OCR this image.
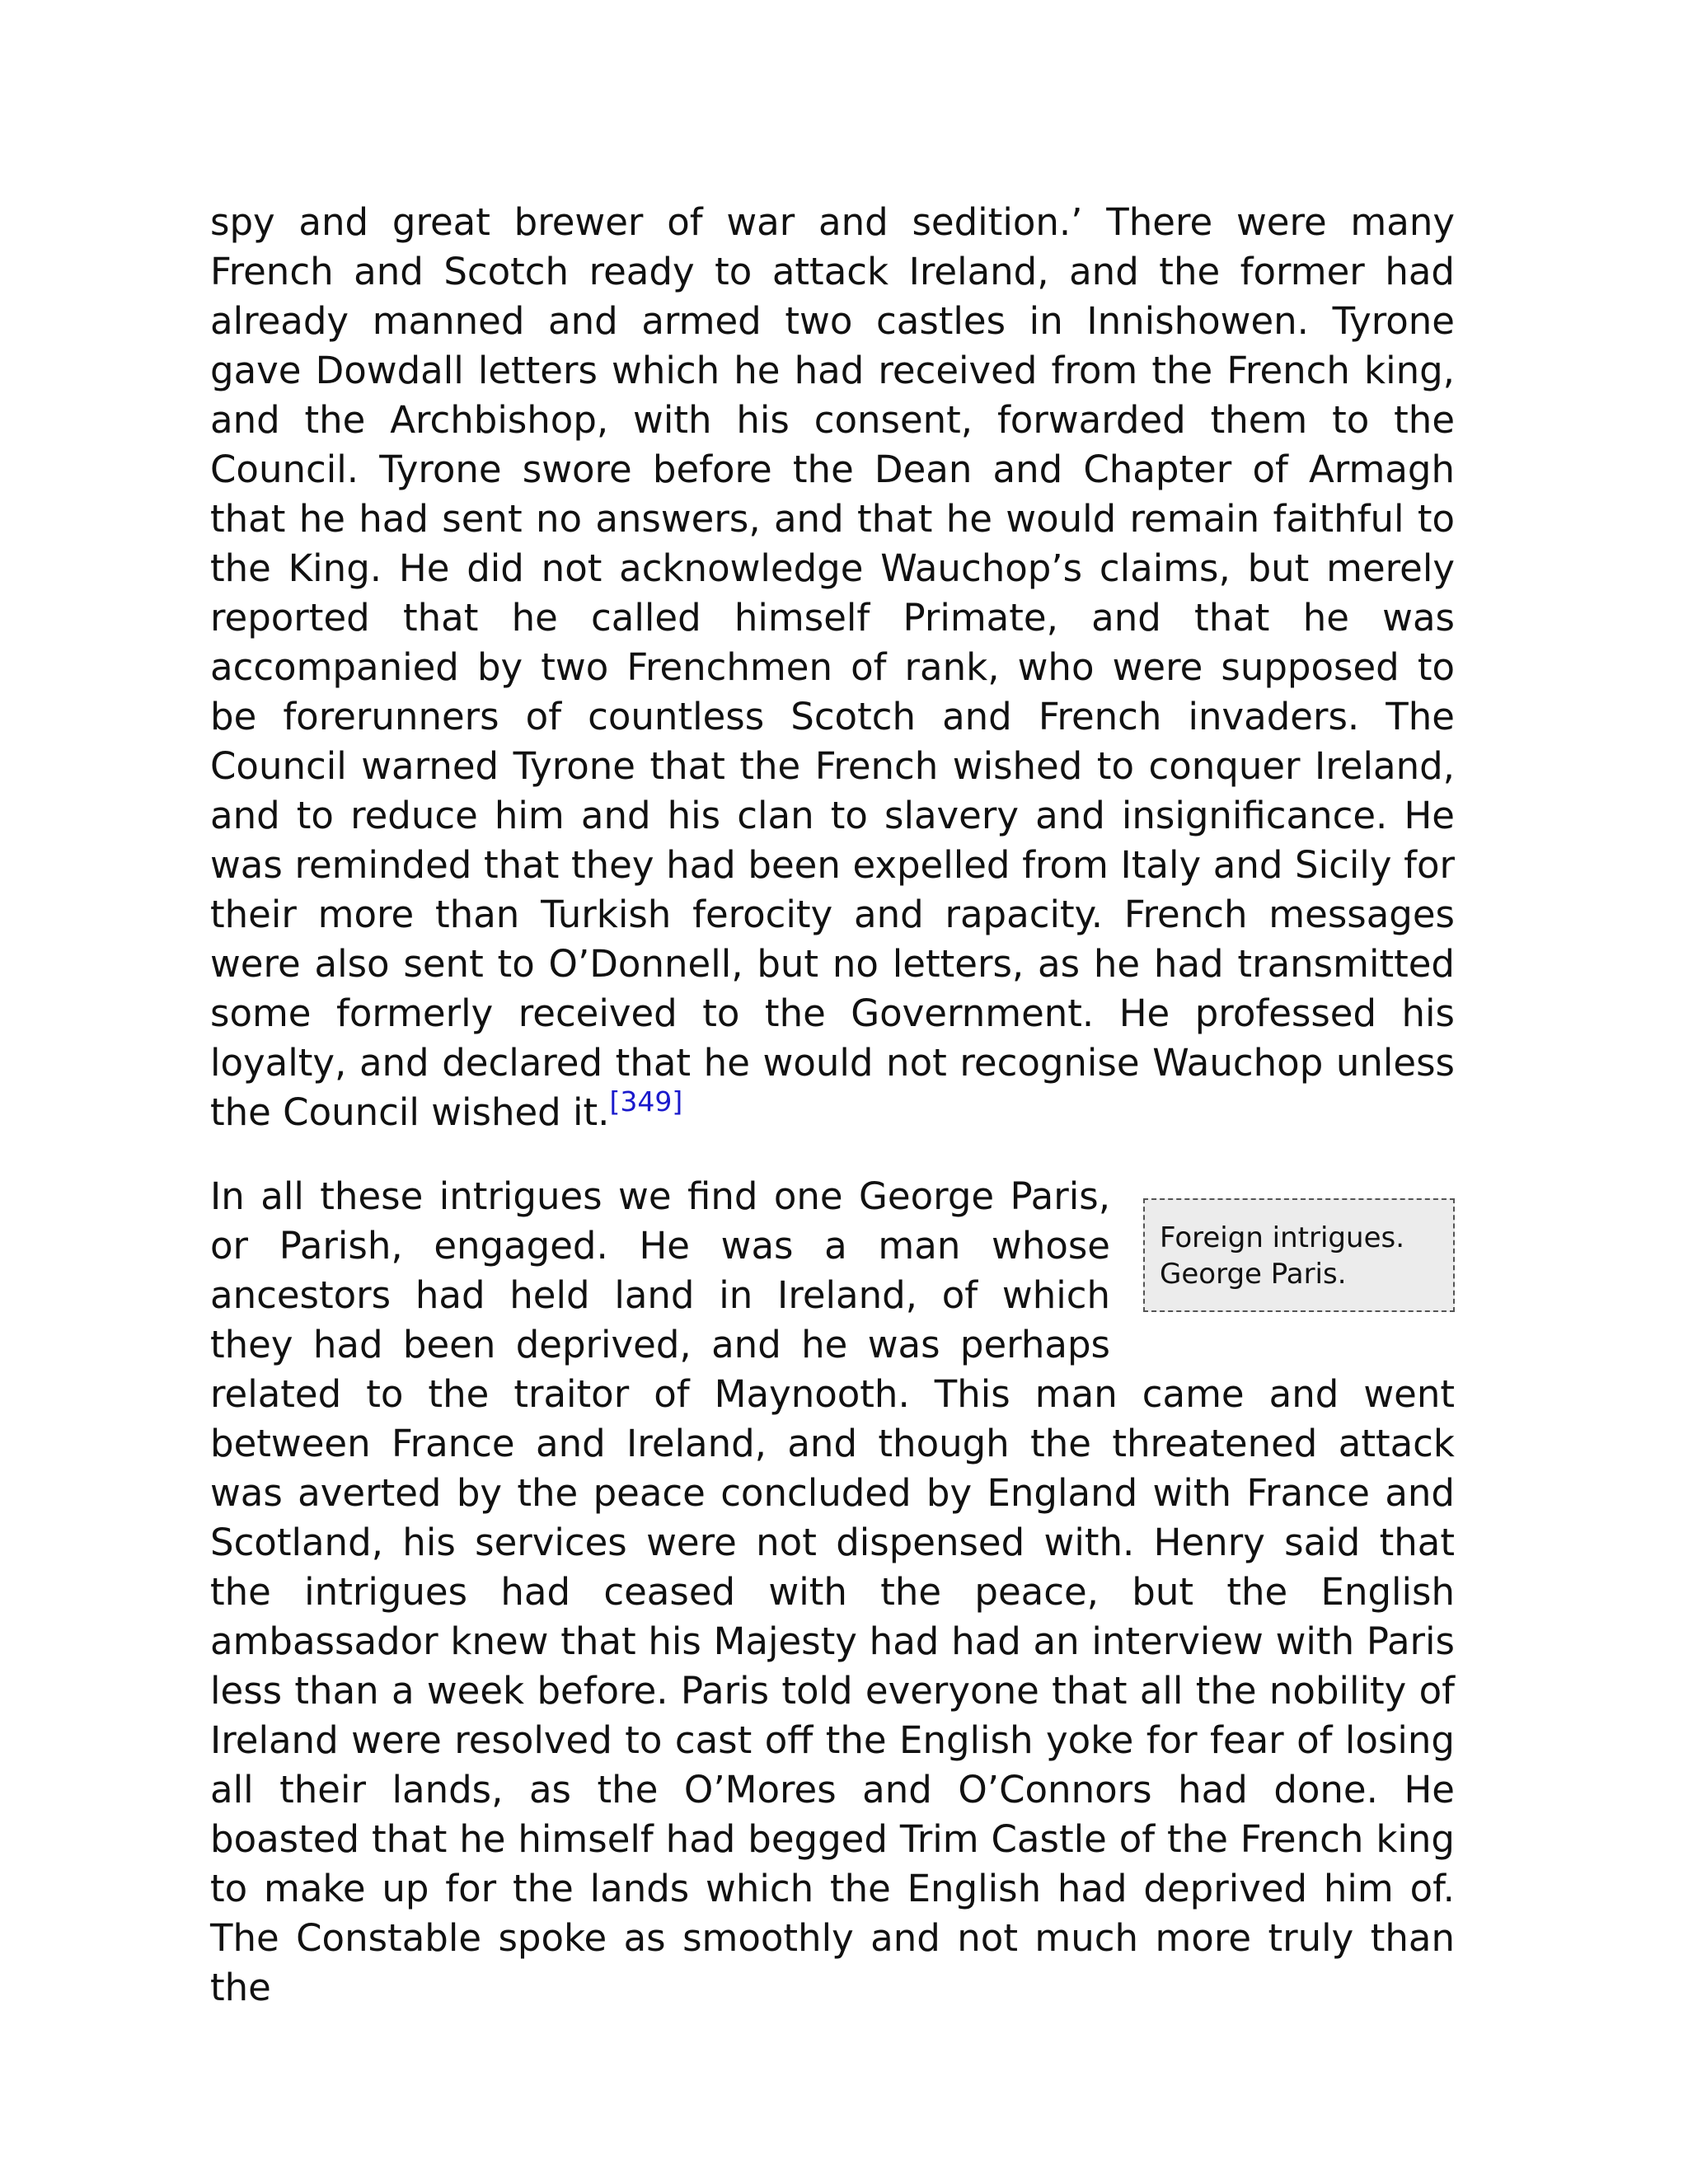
spy and great brewer of war and sedition.’ There were many French and Scotch ready to attack Ireland, and the former had already manned and armed two castles in Innishowen. Tyrone gave Dowdall letters which he had received from the French king, and the Archbishop, with his consent, forwarded them to the Council. Tyrone swore before the Dean and Chapter of Armagh that he had sent no answers, and that he would remain faithful to the King. He did not acknowledge Wauchop’s claims, but merely reported that he called himself Primate, and that he was accompanied by two Frenchmen of rank, who were supposed to be forerunners of countless Scotch and French invaders. The Council warned Tyrone that the French wished to conquer Ireland, and to reduce him and his clan to slavery and insignificance. He was reminded that they had been expelled from Italy and Sicily for their more than Turkish ferocity and rapacity. French messages were also sent to O’Donnell, but no letters, as he had transmitted some formerly received to the Government. He professed his loyalty, and declared that he would not recognise Wauchop unless the Council wished it.[349]

Foreign intrigues.
George Paris.
In all these intrigues we find one George Paris, or Parish, engaged. He was a man whose ancestors had held land in Ireland, of which they had been deprived, and he was perhaps related to the traitor of Maynooth. This man came and went between France and Ireland, and though the threatened attack was averted by the peace concluded by England with France and Scotland, his services were not dispensed with. Henry said that the intrigues had ceased with the peace, but the English ambassador knew that his Majesty had had an interview with Paris less than a week before. Paris told everyone that all the nobility of Ireland were resolved to cast off the English yoke for fear of losing all their lands, as the O’Mores and O’Connors had done. He boasted that he himself had begged Trim Castle of the French king to make up for the lands which the English had deprived him of. The Constable spoke as smoothly and not much more truly than the
